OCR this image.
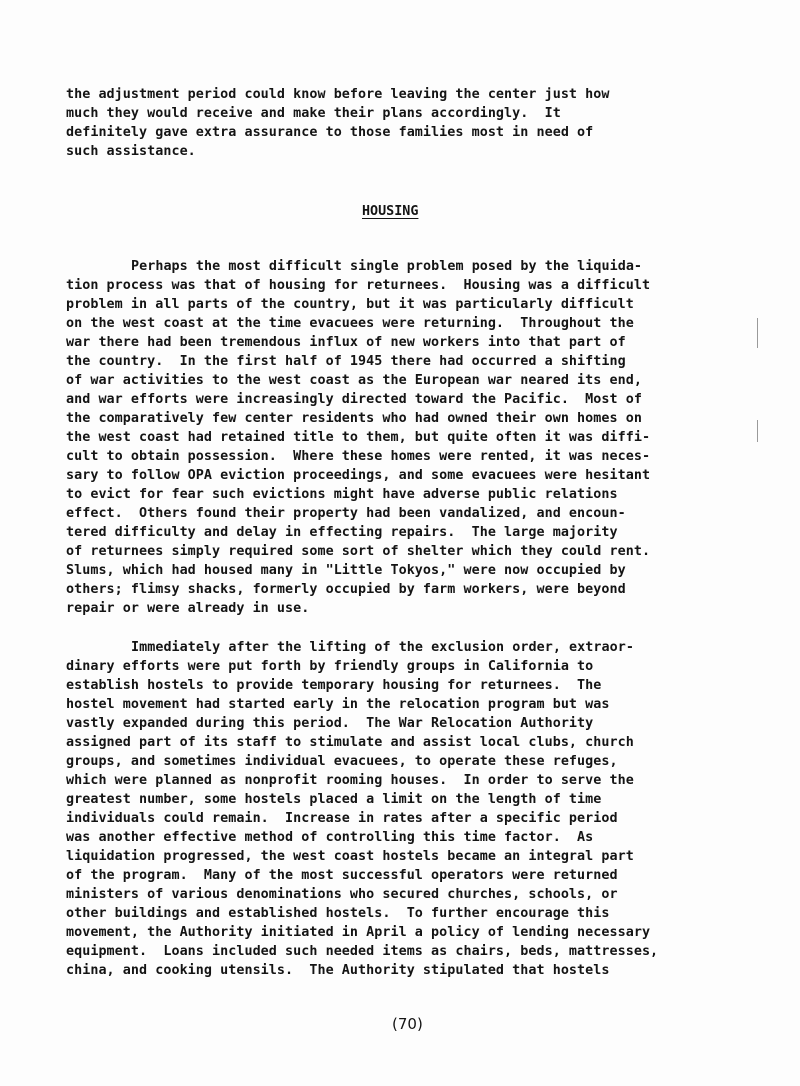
the adjustment period could know before leaving the center just how
much they would receive and make their plans accordingly.  It
definitely gave extra assurance to those families most in need of
such assistance.
HOUSING
Perhaps the most difficult single problem posed by the liquida-
tion process was that of housing for returnees.  Housing was a difficult
problem in all parts of the country, but it was particularly difficult
on the west coast at the time evacuees were returning.  Throughout the
war there had been tremendous influx of new workers into that part of
the country.  In the first half of 1945 there had occurred a shifting
of war activities to the west coast as the European war neared its end,
and war efforts were increasingly directed toward the Pacific.  Most of
the comparatively few center residents who had owned their own homes on
the west coast had retained title to them, but quite often it was diffi-
cult to obtain possession.  Where these homes were rented, it was neces-
sary to follow OPA eviction proceedings, and some evacuees were hesitant
to evict for fear such evictions might have adverse public relations
effect.  Others found their property had been vandalized, and encoun-
tered difficulty and delay in effecting repairs.  The large majority
of returnees simply required some sort of shelter which they could rent.
Slums, which had housed many in "Little Tokyos," were now occupied by
others; flimsy shacks, formerly occupied by farm workers, were beyond
repair or were already in use.
Immediately after the lifting of the exclusion order, extraor-
dinary efforts were put forth by friendly groups in California to
establish hostels to provide temporary housing for returnees.  The
hostel movement had started early in the relocation program but was
vastly expanded during this period.  The War Relocation Authority
assigned part of its staff to stimulate and assist local clubs, church
groups, and sometimes individual evacuees, to operate these refuges,
which were planned as nonprofit rooming houses.  In order to serve the
greatest number, some hostels placed a limit on the length of time
individuals could remain.  Increase in rates after a specific period
was another effective method of controlling this time factor.  As
liquidation progressed, the west coast hostels became an integral part
of the program.  Many of the most successful operators were returned
ministers of various denominations who secured churches, schools, or
other buildings and established hostels.  To further encourage this
movement, the Authority initiated in April a policy of lending necessary
equipment.  Loans included such needed items as chairs, beds, mattresses,
china, and cooking utensils.  The Authority stipulated that hostels
(70)
